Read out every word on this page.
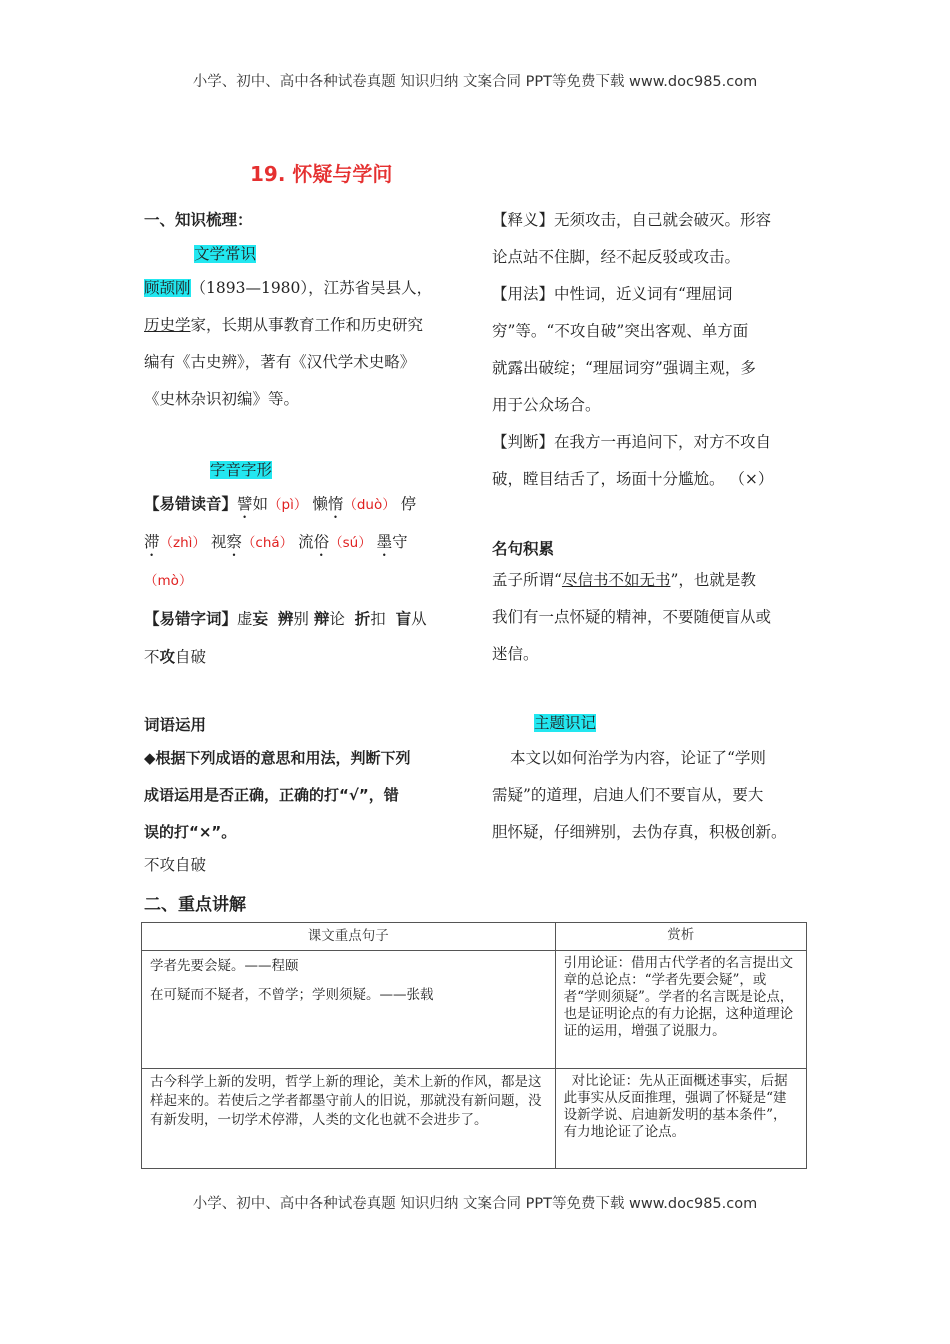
小学、初中、高中各种试卷真题 知识归纳 文案合同 PPT等免费下载 www.doc985.com
19. 怀疑与学问
一、知识梳理：
文学常识
顾颉刚（1893—1980），江苏省吴县人，
历史学家，长期从事教育工作和历史研究
编有《古史辨》，著有《汉代学术史略》
《史林杂识初编》等。
字音字形
【易错读音】譬如（pì） 懒惰（duò） 停
滞（zhì） 视察（chá） 流俗（sú） 墨守
（mò）
【易错字词】虚妄 辨别 辩论 折扣 盲从
不攻自破
词语运用
◆根据下列成语的意思和用法，判断下列
成语运用是否正确，正确的打“√”，错
误的打“×”。
不攻自破
二、重点讲解
【释义】无须攻击，自己就会破灭。形容
论点站不住脚，经不起反驳或攻击。
【用法】中性词，近义词有“理屈词
穷”等。“不攻自破”突出客观、单方面
就露出破绽；“理屈词穷”强调主观，多
用于公众场合。
【判断】在我方一再追问下，对方不攻自
破，瞠目结舌了，场面十分尴尬。 （×）
名句积累
孟子所谓“尽信书不如无书”，也就是教
我们有一点怀疑的精神，不要随便盲从或
迷信。
主题识记
本文以如何治学为内容，论证了“学则
需疑”的道理，启迪人们不要盲从，要大
胆怀疑，仔细辨别，去伪存真，积极创新。
课文重点句子	赏析

学者先要会疑。——程颐
在可疑而不疑者，不曾学；学则须疑。——张载	引用论证：借用古代学者的名言提出文章的总论点：“学者先要会疑”，或者“学则须疑”。学者的名言既是论点，也是证明论点的有力论据，这种道理论证的运用，增强了说服力。
古今科学上新的发明，哲学上新的理论，美术上新的作风，都是这样起来的。若使后之学者都墨守前人的旧说，那就没有新问题，没有新发明，一切学术停滞，人类的文化也就不会进步了。	对比论证：先从正面概述事实，后据此事实从反面推理，强调了怀疑是“建设新学说、启迪新发明的基本条件”，有力地论证了论点。
小学、初中、高中各种试卷真题 知识归纳 文案合同 PPT等免费下载 www.doc985.com
